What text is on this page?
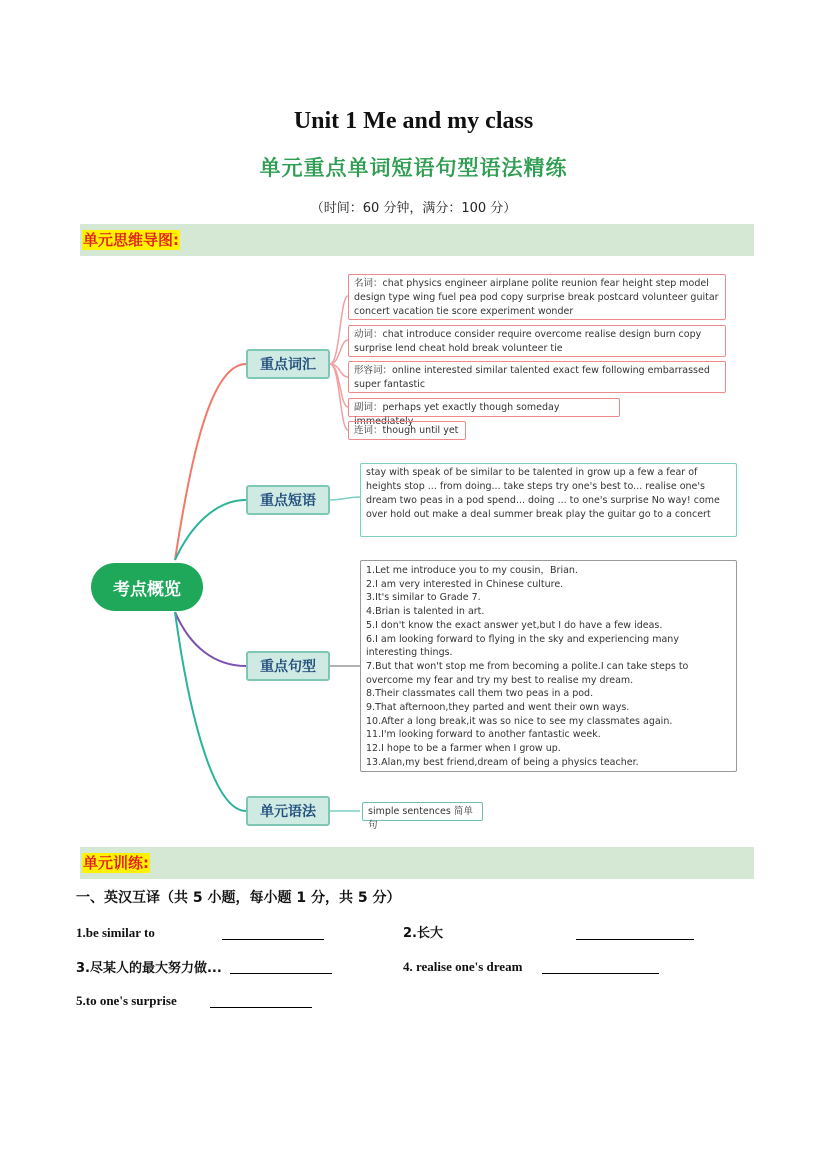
Unit 1 Me and my class
单元重点单词短语句型语法精练
（时间：60 分钟，满分：100 分）
单元思维导图:
考点概览
重点词汇
重点短语
重点句型
单元语法
名词：chat physics engineer airplane polite reunion fear height step model design type wing fuel pea pod copy surprise break postcard volunteer guitar concert vacation tie score experiment wonder
动词：chat introduce consider require overcome realise design burn copy surprise lend cheat hold break volunteer tie
形容词：online interested similar talented exact few following embarrassed super fantastic
副词：perhaps yet exactly though someday immediately
连词：though until yet
stay with speak of be similar to be talented in grow up a few a fear of heights stop ... from doing... take steps try one's best to... realise one's dream two peas in a pod spend... doing ... to one's surprise No way! come over hold out make a deal summer break play the guitar go to a concert
1.Let me introduce you to my cousin，Brian.
2.I am very interested in Chinese culture.
3.It's similar to Grade 7.
4.Brian is talented in art.
5.I don't know the exact answer yet,but I do have a few ideas.
6.I am looking forward to flying in the sky and experiencing many interesting things.
7.But that won't stop me from becoming a polite.I can take steps to overcome my fear and try my best to realise my dream.
8.Their classmates call them two peas in a pod.
9.That afternoon,they parted and went their own ways.
10.After a long break,it was so nice to see my classmates again.
11.I'm looking forward to another fantastic week.
12.I hope to be a farmer when I grow up.
13.Alan,my best friend,dream of being a physics teacher.
simple sentences 简单句
单元训练:
一、英汉互译（共 5 小题，每小题 1 分，共 5 分）
1.be similar to	2.长大
3.尽某人的最大努力做...	4. realise one's dream
5.to one's surprise
